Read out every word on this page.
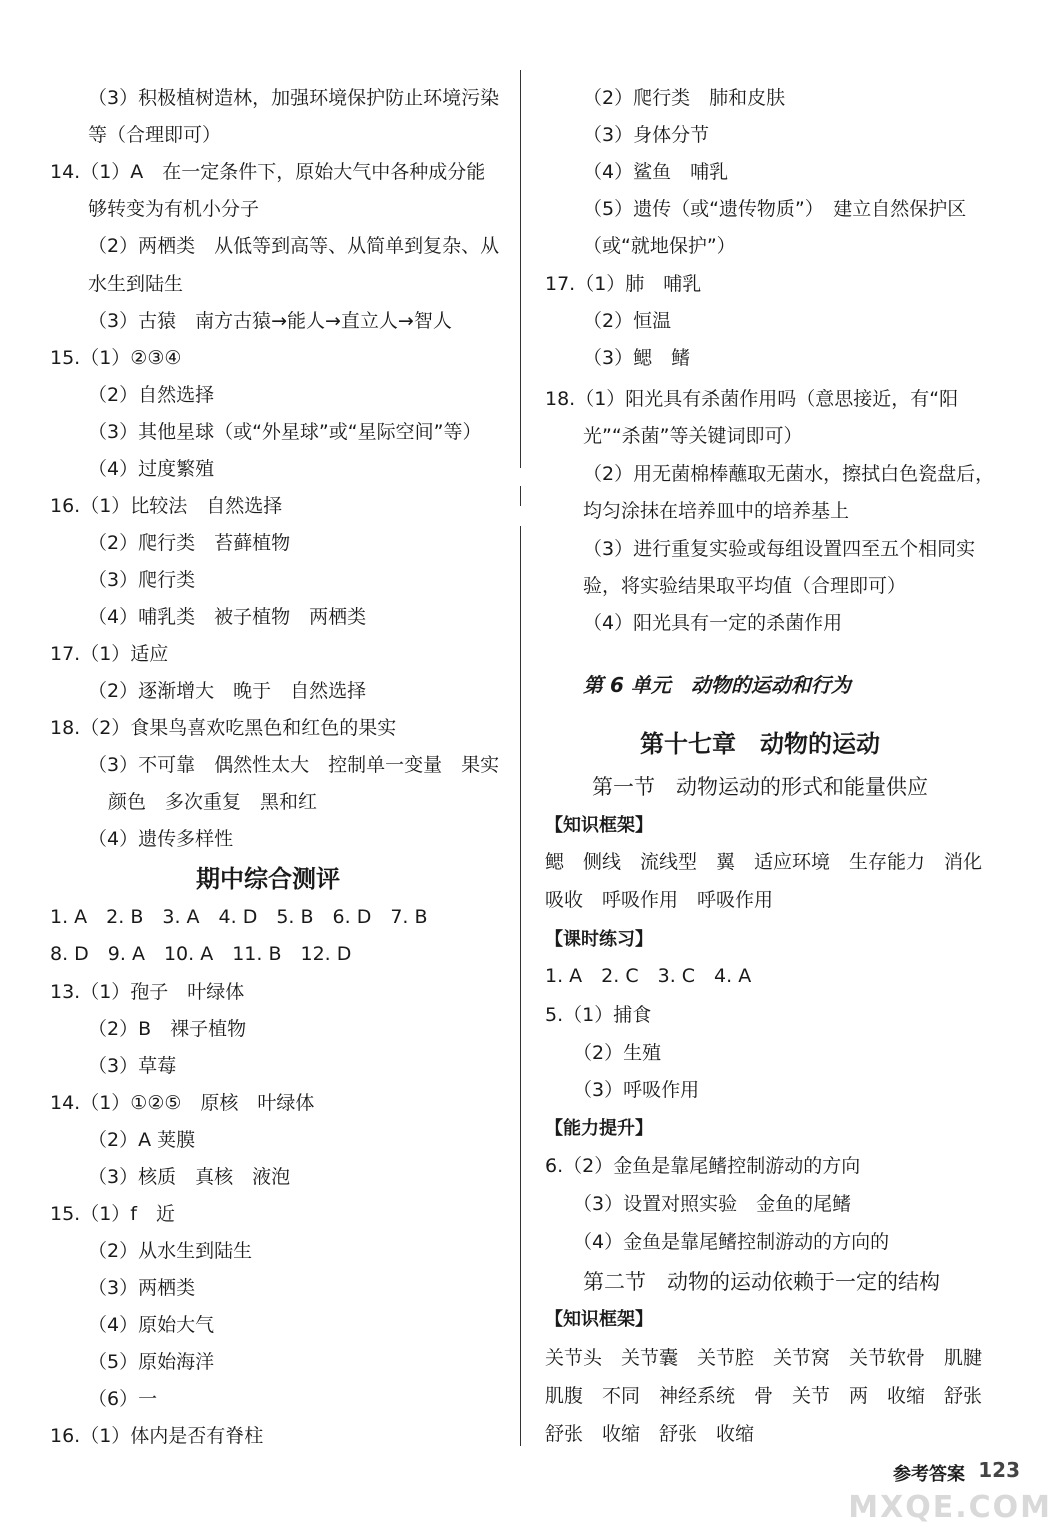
（3）积极植树造林，加强环境保护防止环境污染
等（合理即可）
14.（1）A　在一定条件下，原始大气中各种成分能
够转变为有机小分子
（2）两栖类　从低等到高等、从简单到复杂、从
水生到陆生
（3）古猿　南方古猿→能人→直立人→智人
15.（1）②③④
（2）自然选择
（3）其他星球（或“外星球”或“星际空间”等）
（4）过度繁殖
16.（1）比较法　自然选择
（2）爬行类　苔藓植物
（3）爬行类
（4）哺乳类　被子植物　两栖类
17.（1）适应
（2）逐渐增大　晚于　自然选择
18.（2）食果鸟喜欢吃黑色和红色的果实
（3）不可靠　偶然性太大　控制单一变量　果实
颜色　多次重复　黑和红
（4）遗传多样性
1. A　2. B　3. A　4. D　5. B　6. D　7. B
8. D　9. A　10. A　11. B　12. D
13.（1）孢子　叶绿体
（2）B　裸子植物
（3）草莓
14.（1）①②⑤　原核　叶绿体
（2）A 荚膜
（3）核质　真核　液泡
15.（1）f　近
（2）从水生到陆生
（3）两栖类
（4）原始大气
（5）原始海洋
（6）一
16.（1）体内是否有脊柱
期中综合测评
（2）爬行类　肺和皮肤
（3）身体分节
（4）鲨鱼　哺乳
（5）遗传（或“遗传物质”）　建立自然保护区
（或“就地保护”）
17.（1）肺　哺乳
（2）恒温
（3）鳃　鳍
18.（1）阳光具有杀菌作用吗（意思接近，有“阳
光”“杀菌”等关键词即可）
（2）用无菌棉棒蘸取无菌水，擦拭白色瓷盘后，
均匀涂抹在培养皿中的培养基上
（3）进行重复实验或每组设置四至五个相同实
验，将实验结果取平均值（合理即可）
（4）阳光具有一定的杀菌作用
第 6 单元　动物的运动和行为
第十七章　动物的运动
第一节　动物运动的形式和能量供应
【知识框架】
【课时练习】
【能力提升】
第二节　动物的运动依赖于一定的结构
【知识框架】
鳃　侧线　流线型　翼　适应环境　生存能力　消化
吸收　呼吸作用　呼吸作用
1. A　2. C　3. C　4. A
5.（1）捕食
（2）生殖
（3）呼吸作用
6.（2）金鱼是靠尾鳍控制游动的方向
（3）设置对照实验　金鱼的尾鳍
（4）金鱼是靠尾鳍控制游动的方向的
关节头　关节囊　关节腔　关节窝　关节软骨　肌腱
肌腹　不同　神经系统　骨　关节　两　收缩　舒张
舒张　收缩　舒张　收缩
参考答案 123
MXQE.COM
